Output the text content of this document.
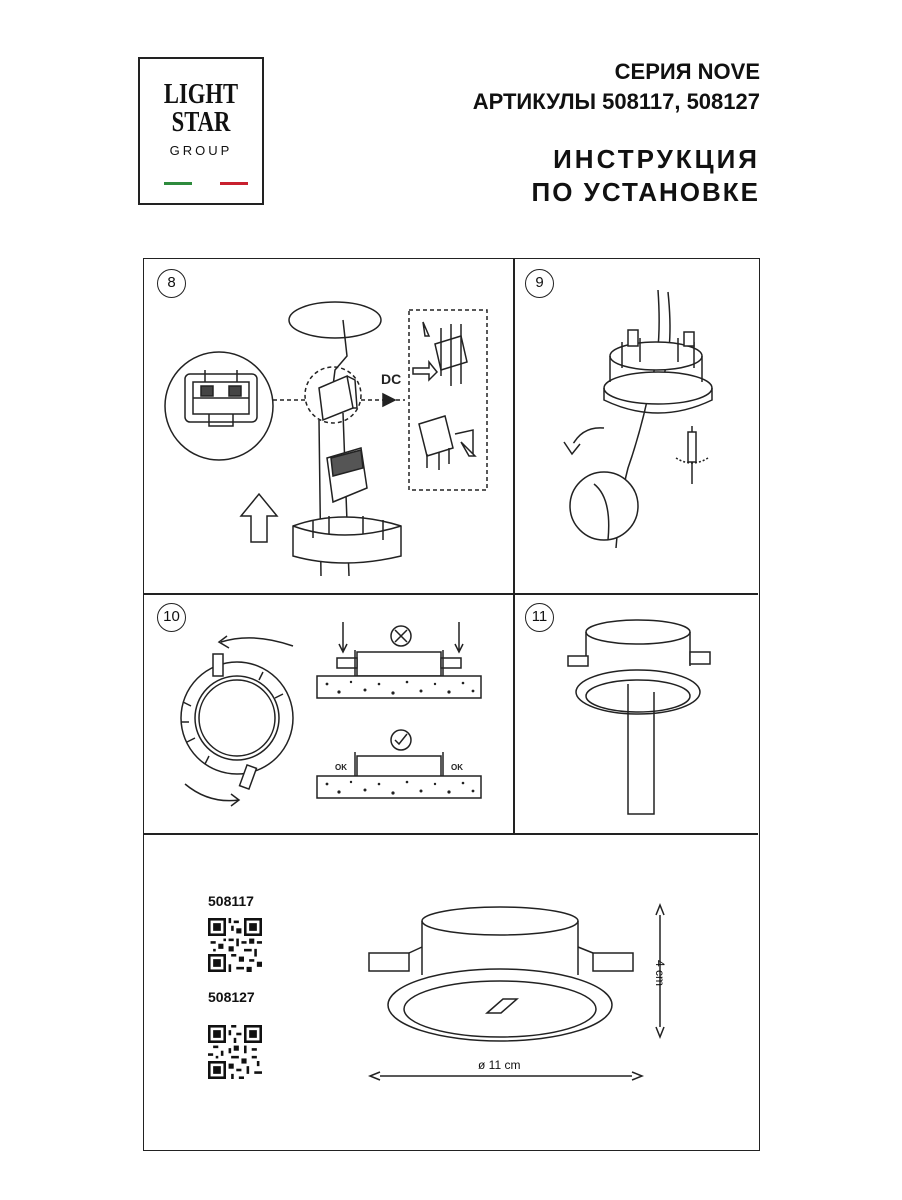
LIGHT
STAR
GROUP
СЕРИЯ NOVE
АРТИКУЛЫ 508117, 508127
ИНСТРУКЦИЯ
ПО УСТАНОВКЕ
8	9
10	11
DC
OK	OK
508117
508127
4 cm
ø 11 cm
